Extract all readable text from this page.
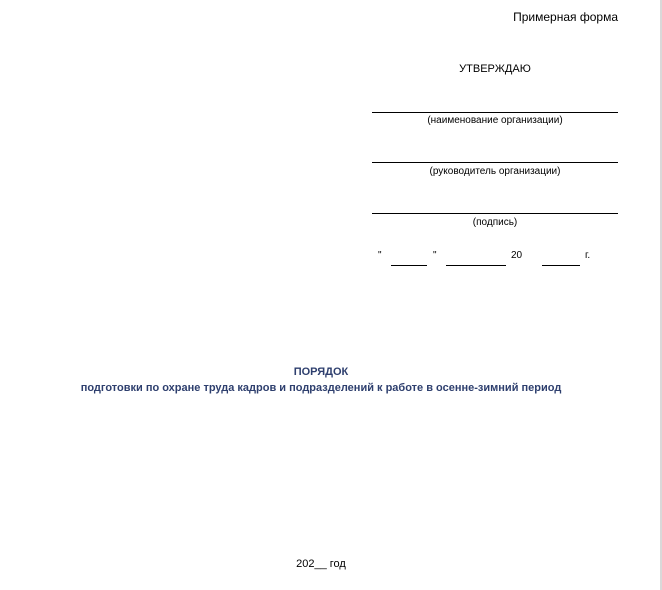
Примерная форма
УТВЕРЖДАЮ
(наименование организации)
(руководитель организации)
(подпись)
"	"	20	г.
ПОРЯДОК
подготовки по охране труда кадров и подразделений к работе в осенне-зимний период
202__ год
